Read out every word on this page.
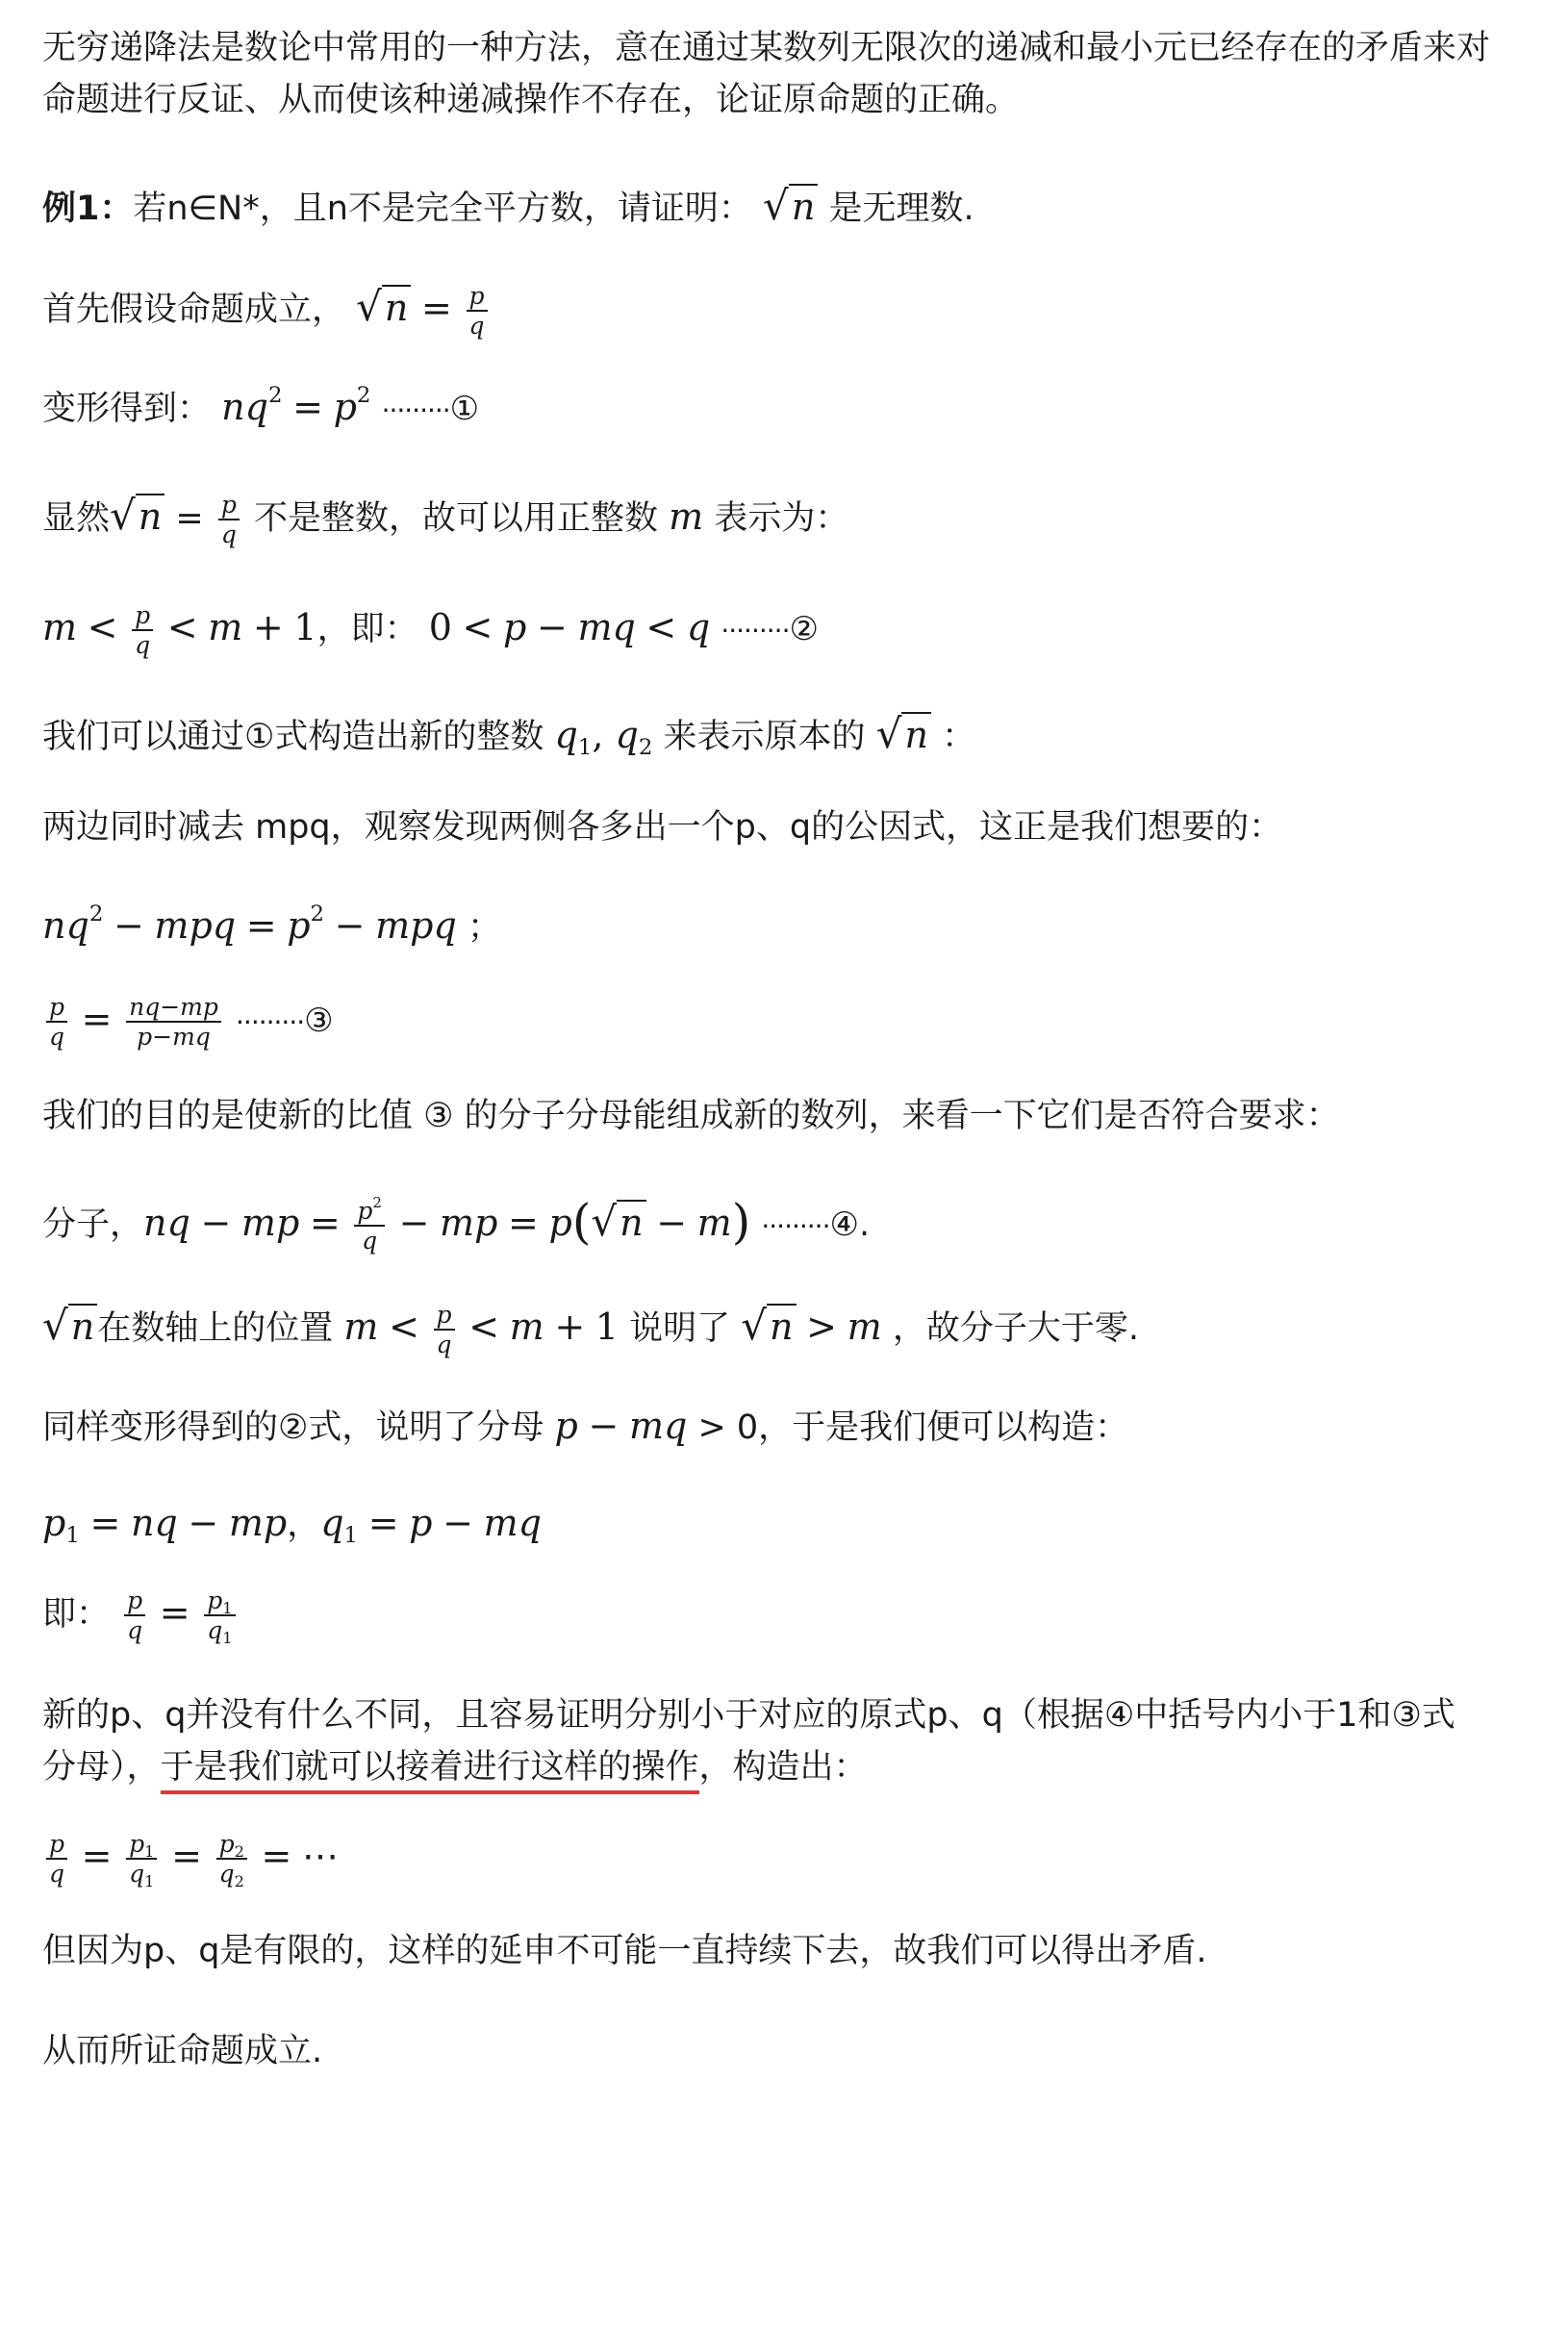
无穷递降法是数论中常用的一种方法，意在通过某数列无限次的递减和最小元已经存在的矛盾来对

命题进行反证、从而使该种递减操作不存在，论证原命题的正确。

例1：若n∈N*，且n不是完全平方数，请证明： √n 是无理数.

首先假设命题成立， $√n = \frac{p}{q}$

变形得到： $nq^2 = p^2$ ·········①

显然$√n = \frac{p}{q}$ 不是整数，故可以用正整数 m 表示为：

$m < \frac{p}{q} < m + 1$，即： 0 < p − mq < q ·········②

我们可以通过①式构造出新的整数 $q_1$, $q_2$ 来表示原本的 √n ：

两边同时减去 mpq，观察发现两侧各多出一个p、q的公因式，这正是我们想要的：

$nq^2$ − mpq = $p^2$ − mpq ；

$\frac{p}{q} = \frac{nq-mp}{p-mq}$ ·········③

我们的目的是使新的比值 ③ 的分子分母能组成新的数列，来看一下它们是否符合要求：

分子，nq − mp = $\frac{p^2}{q}$ − mp = p(√n − m) ·········④.

√n在数轴上的位置 $m < \frac{p}{q} < m + 1$ 说明了 √n > m ，故分子大于零.

同样变形得到的②式，说明了分母 p − mq > 0，于是我们便可以构造：

$p_1$ = nq − mp，$q_1 = p$ − mq

即： $\frac{p}{q} = \frac{p_1}{q_1}$

新的p、q并没有什么不同，且容易证明分别小于对应的原式p、q（根据④中括号内小于1和③式

分母），于是我们就可以接着进行这样的操作，构造出：

$\frac{p}{q} = \frac{p_1}{q_1} = \frac{p_2}{q_2}$ = ⋯

但因为p、q是有限的，这样的延申不可能一直持续下去，故我们可以得出矛盾.

从而所证命题成立.
